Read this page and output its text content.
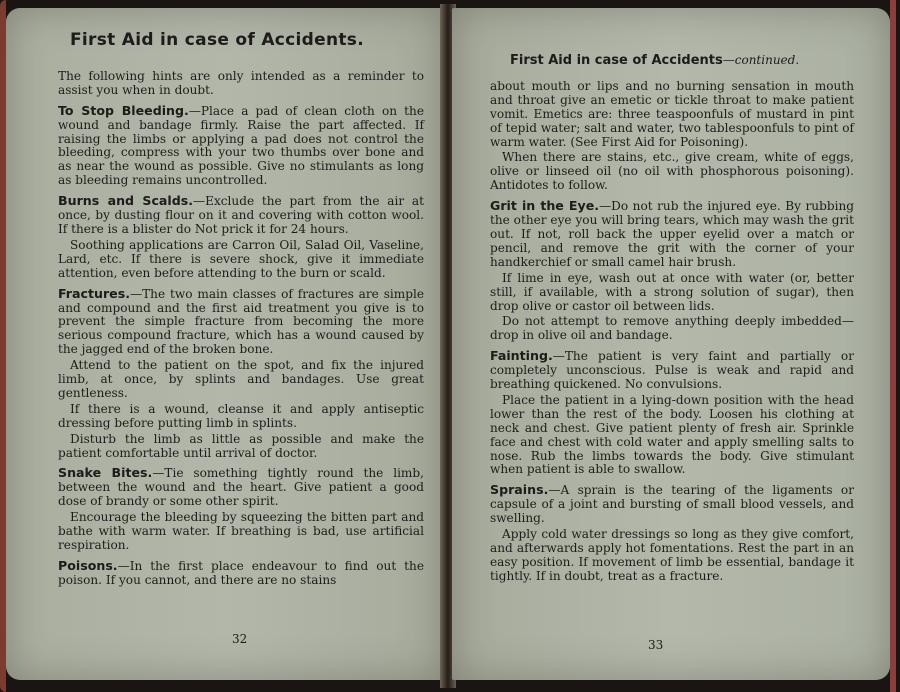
First Aid in case of Accidents.

The following hints are only intended as a reminder to assist you when in doubt.

To Stop Bleeding.—Place a pad of clean cloth on the wound and bandage firmly. Raise the part affected. If raising the limbs or applying a pad does not control the bleeding, compress with your two thumbs over bone and as near the wound as possible. Give no stimulants as long as bleeding remains uncontrolled.

Burns and Scalds.—Exclude the part from the air at once, by dusting flour on it and covering with cotton wool. If there is a blister do Not prick it for 24 hours.

Soothing applications are Carron Oil, Salad Oil, Vaseline, Lard, etc. If there is severe shock, give it immediate attention, even before attending to the burn or scald.

Fractures.—The two main classes of fractures are simple and compound and the first aid treatment you give is to prevent the simple fracture from becoming the more serious compound fracture, which has a wound caused by the jagged end of the broken bone.

Attend to the patient on the spot, and fix the injured limb, at once, by splints and bandages. Use great gentleness.

If there is a wound, cleanse it and apply antiseptic dressing before putting limb in splints.

Disturb the limb as little as possible and make the patient comfortable until arrival of doctor.

Snake Bites.—Tie something tightly round the limb, between the wound and the heart. Give patient a good dose of brandy or some other spirit.

Encourage the bleeding by squeezing the bitten part and bathe with warm water. If breathing is bad, use artificial respiration.

Poisons.—In the first place endeavour to find out the poison. If you cannot, and there are no stains

32
First Aid in case of Accidents—continued.

about mouth or lips and no burning sensation in mouth and throat give an emetic or tickle throat to make patient vomit. Emetics are: three teaspoonfuls of mustard in pint of tepid water; salt and water, two tablespoonfuls to pint of warm water. (See First Aid for Poisoning).

When there are stains, etc., give cream, white of eggs, olive or linseed oil (no oil with phosphorous poisoning). Antidotes to follow.

Grit in the Eye.—Do not rub the injured eye. By rubbing the other eye you will bring tears, which may wash the grit out. If not, roll back the upper eyelid over a match or pencil, and remove the grit with the corner of your handkerchief or small camel hair brush.

If lime in eye, wash out at once with water (or, better still, if available, with a strong solution of sugar), then drop olive or castor oil between lids.

Do not attempt to remove anything deeply imbedded—drop in olive oil and bandage.

Fainting.—The patient is very faint and partially or completely unconscious. Pulse is weak and rapid and breathing quickened. No convulsions.

Place the patient in a lying-down position with the head lower than the rest of the body. Loosen his clothing at neck and chest. Give patient plenty of fresh air. Sprinkle face and chest with cold water and apply smelling salts to nose. Rub the limbs towards the body. Give stimulant when patient is able to swallow.

Sprains.—A sprain is the tearing of the ligaments or capsule of a joint and bursting of small blood vessels, and swelling.

Apply cold water dressings so long as they give comfort, and afterwards apply hot fomentations. Rest the part in an easy position. If movement of limb be essential, bandage it tightly. If in doubt, treat as a fracture.

33
